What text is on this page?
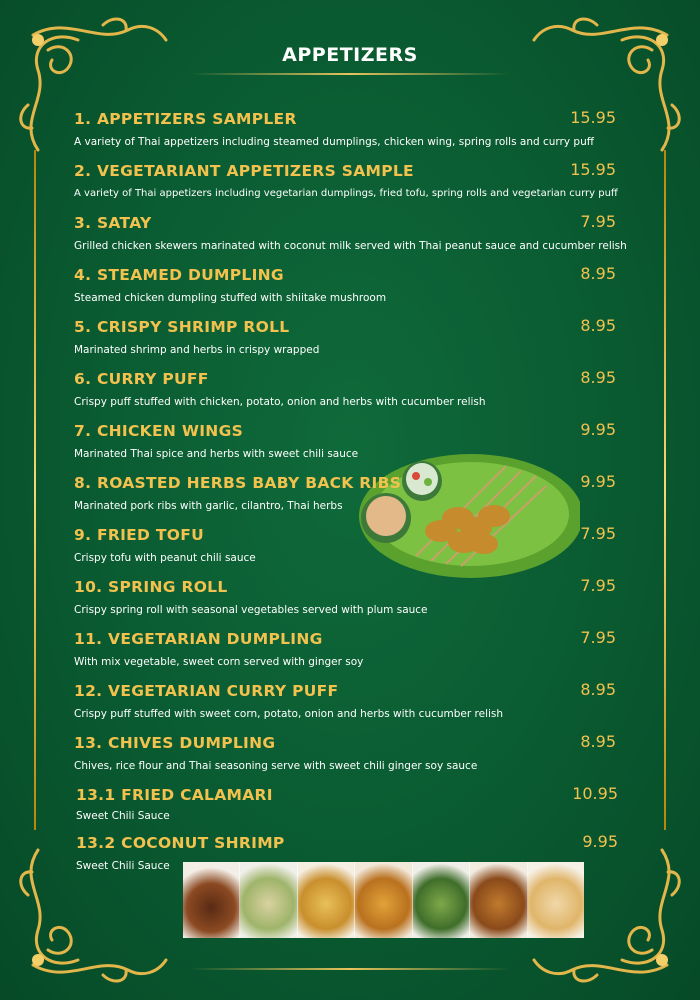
APPETIZERS
1. APPETIZERS SAMPLER	15.95
A variety of Thai appetizers including steamed dumplings, chicken wing, spring rolls and curry puff
2. VEGETARIANT APPETIZERS SAMPLE	15.95
A variety of Thai appetizers including vegetarian dumplings, fried tofu, spring rolls and vegetarian curry puff
3. SATAY	7.95
Grilled chicken skewers marinated with coconut milk served with Thai peanut sauce and cucumber relish
4. STEAMED DUMPLING	8.95
Steamed chicken dumpling stuffed with shiitake mushroom
5. CRISPY SHRIMP ROLL	8.95
Marinated shrimp and herbs in crispy wrapped
6. CURRY PUFF	8.95
Crispy puff stuffed with chicken, potato, onion and herbs with cucumber relish
7. CHICKEN WINGS	9.95
Marinated Thai spice and herbs with sweet chili sauce
8. ROASTED HERBS BABY BACK RIBS	9.95
Marinated pork ribs with garlic, cilantro, Thai herbs
9. FRIED TOFU	7.95
Crispy tofu with peanut chili sauce
10. SPRING ROLL	7.95
Crispy spring roll with seasonal vegetables served with plum sauce
11. VEGETARIAN DUMPLING	7.95
With mix vegetable, sweet corn served with ginger soy
12. VEGETARIAN CURRY PUFF	8.95
Crispy puff stuffed with sweet corn, potato, onion and herbs with cucumber relish
13. CHIVES DUMPLING	8.95
Chives, rice flour and Thai seasoning serve with sweet chili ginger soy sauce
13.1 FRIED CALAMARI	10.95
Sweet Chili Sauce
13.2 COCONUT SHRIMP	9.95
Sweet Chili Sauce
